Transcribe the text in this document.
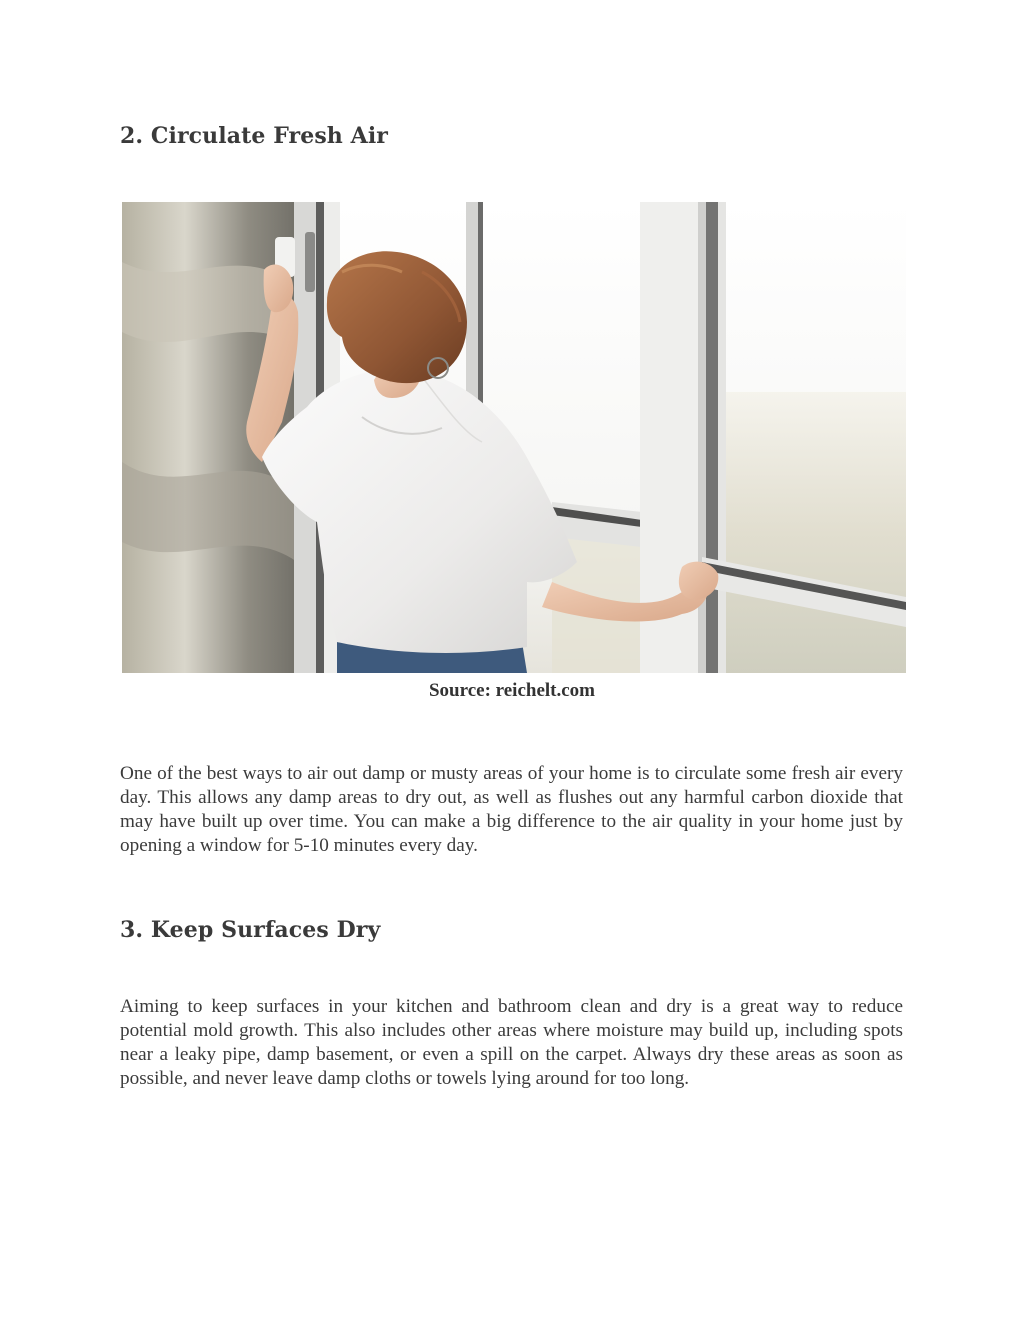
2. Circulate Fresh Air
Source: reichelt.com

One of the best ways to air out damp or musty areas of your home is to circulate some fresh air every day. This allows any damp areas to dry out, as well as flushes out any harmful carbon dioxide that may have built up over time. You can make a big difference to the air quality in your home just by opening a window for 5-10 minutes every day.

3. Keep Surfaces Dry

Aiming to keep surfaces in your kitchen and bathroom clean and dry is a great way to reduce potential mold growth. This also includes other areas where moisture may build up, including spots near a leaky pipe, damp basement, or even a spill on the carpet. Always dry these areas as soon as possible, and never leave damp cloths or towels lying around for too long.
